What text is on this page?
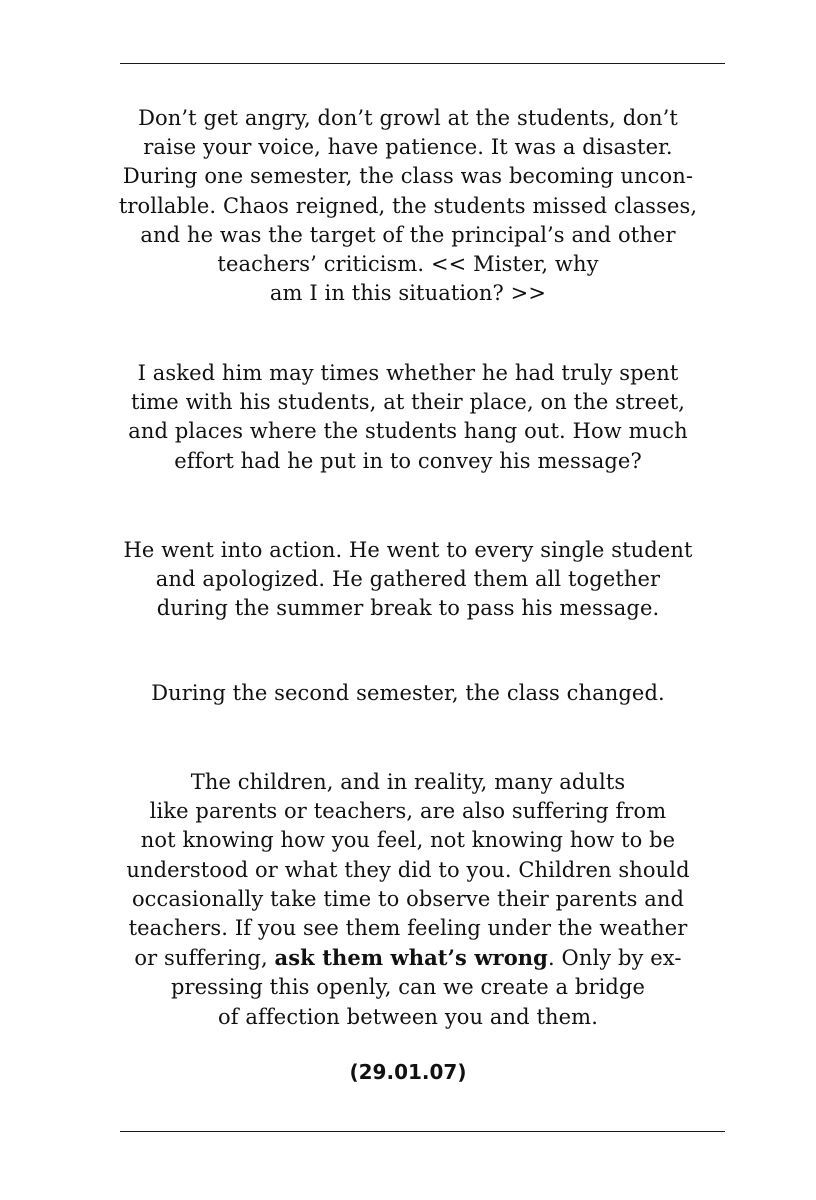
Don’t get angry, don’t growl at the students, don’t
raise your voice, have patience. It was a disaster.
During one semester, the class was becoming uncon-
trollable. Chaos reigned, the students missed classes,
and he was the target of the principal’s and other
teachers’ criticism. << Mister, why
am I in this situation? >>
I asked him may times whether he had truly spent
time with his students, at their place, on the street,
and places where the students hang out. How much
effort had he put in to convey his message?
He went into action. He went to every single student
and apologized. He gathered them all together
during the summer break to pass his message.
During the second semester, the class changed.
The children, and in reality, many adults
like parents or teachers, are also suffering from
not knowing how you feel, not knowing how to be
understood or what they did to you. Children should
occasionally take time to observe their parents and
teachers. If you see them feeling under the weather
or suffering, ask them what’s wrong. Only by ex-
pressing this openly, can we create a bridge
of affection between you and them.

(29.01.07)
